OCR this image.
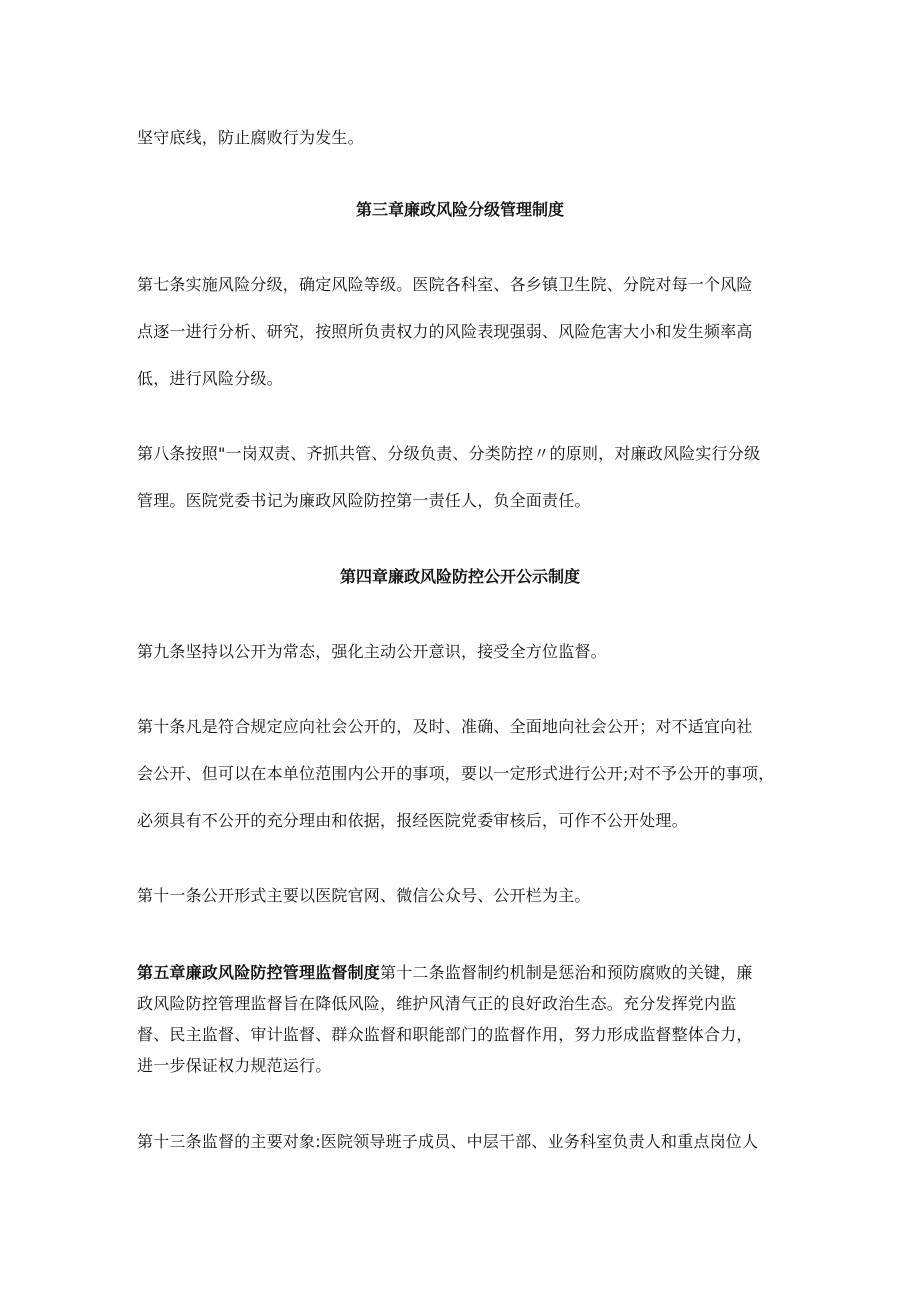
坚守底线，防止腐败行为发生。
第三章廉政风险分级管理制度
第七条实施风险分级，确定风险等级。医院各科室、各乡镇卫生院、分院对每一个风险
点逐一进行分析、研究，按照所负责权力的风险表现强弱、风险危害大小和发生频率高
低，进行风险分级。
第八条按照"一岗双责、齐抓共管、分级负责、分类防控〃的原则，对廉政风险实行分级
管理。医院党委书记为廉政风险防控第一责任人，负全面责任。
第四章廉政风险防控公开公示制度
第九条坚持以公开为常态，强化主动公开意识，接受全方位监督。
第十条凡是符合规定应向社会公开的，及时、准确、全面地向社会公开；对不适宜向社
会公开、但可以在本单位范围内公开的事项，要以一定形式进行公开;对不予公开的事项，
必须具有不公开的充分理由和依据，报经医院党委审核后，可作不公开处理。
第十一条公开形式主要以医院官网、微信公众号、公开栏为主。
第五章廉政风险防控管理监督制度第十二条监督制约机制是惩治和预防腐败的关键，廉
政风险防控管理监督旨在降低风险，维护风清气正的良好政治生态。充分发挥党内监
督、民主监督、审计监督、群众监督和职能部门的监督作用，努力形成监督整体合力，
进一步保证权力规范运行。
第十三条监督的主要对象:医院领导班子成员、中层干部、业务科室负责人和重点岗位人
